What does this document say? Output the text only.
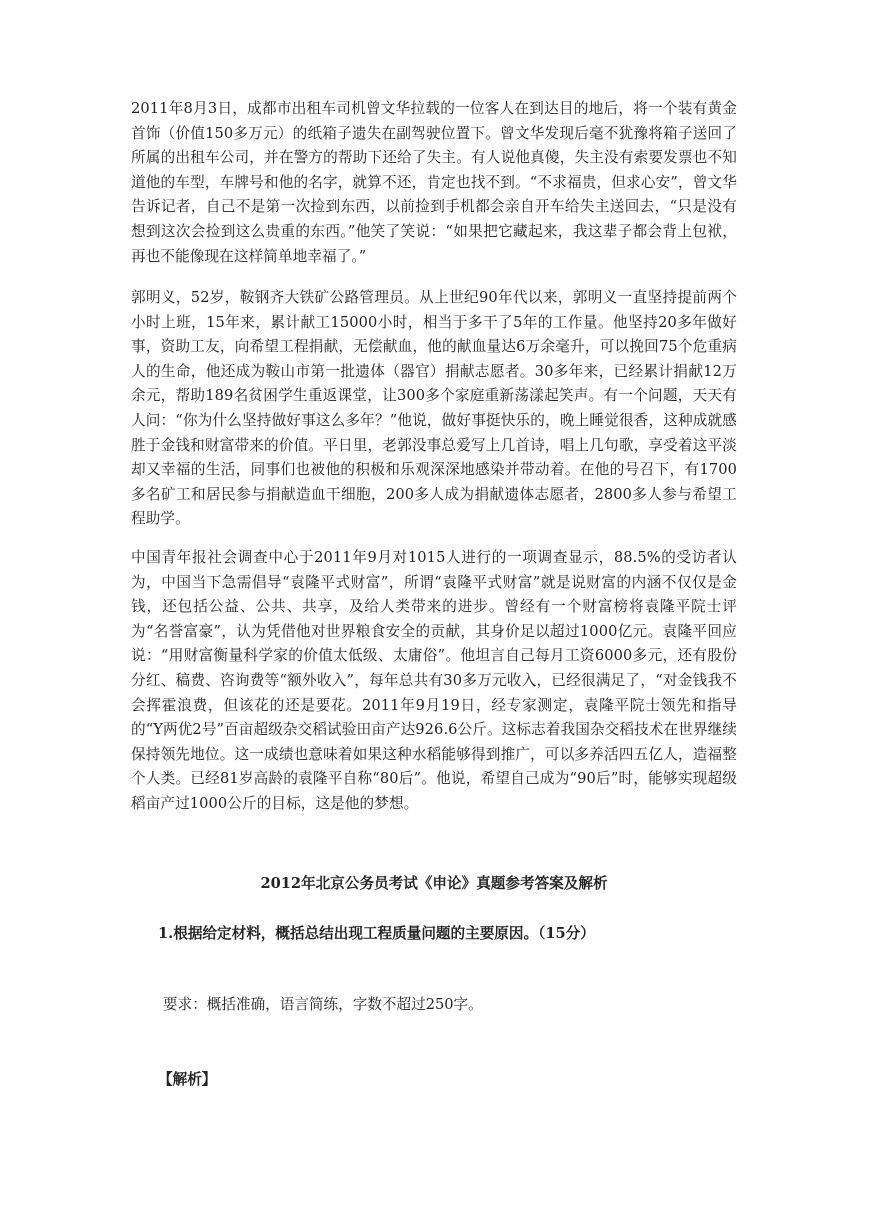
2011年8月3日，成都市出租车司机曾文华拉载的一位客人在到达目的地后，将一个装有黄金首饰（价值150多万元）的纸箱子遗失在副驾驶位置下。曾文华发现后毫不犹豫将箱子送回了所属的出租车公司，并在警方的帮助下还给了失主。有人说他真傻，失主没有索要发票也不知道他的车型，车牌号和他的名字，就算不还，肯定也找不到。“不求福贵，但求心安”，曾文华告诉记者，自己不是第一次捡到东西，以前捡到手机都会亲自开车给失主送回去，“只是没有想到这次会捡到这么贵重的东西。”他笑了笑说：“如果把它藏起来，我这辈子都会背上包袱，再也不能像现在这样简单地幸福了。”

郭明义，52岁，鞍钢齐大铁矿公路管理员。从上世纪90年代以来，郭明义一直坚持提前两个小时上班，15年来，累计献工15000小时，相当于多干了5年的工作量。他坚持20多年做好事，资助工友，向希望工程捐献，无偿献血，他的献血量达6万余毫升，可以挽回75个危重病人的生命，他还成为鞍山市第一批遗体（器官）捐献志愿者。30多年来，已经累计捐献12万余元，帮助189名贫困学生重返课堂，让300多个家庭重新荡漾起笑声。有一个问题，天天有人问：“你为什么坚持做好事这么多年？”他说，做好事挺快乐的，晚上睡觉很香，这种成就感胜于金钱和财富带来的价值。平日里，老郭没事总爱写上几首诗，唱上几句歌，享受着这平淡却又幸福的生活，同事们也被他的积极和乐观深深地感染并带动着。在他的号召下，有1700多名矿工和居民参与捐献造血干细胞，200多人成为捐献遗体志愿者，2800多人参与希望工程助学。

中国青年报社会调查中心于2011年9月对1015人进行的一项调查显示，88.5%的受访者认为，中国当下急需倡导“袁隆平式财富”，所谓“袁隆平式财富”就是说财富的内涵不仅仅是金钱，还包括公益、公共、共享，及给人类带来的进步。曾经有一个财富榜将袁隆平院士评为“名誉富豪”，认为凭借他对世界粮食安全的贡献，其身价足以超过1000亿元。袁隆平回应说：“用财富衡量科学家的价值太低级、太庸俗”。他坦言自己每月工资6000多元，还有股份分红、稿费、咨询费等“额外收入”，每年总共有30多万元收入，已经很满足了，“对金钱我不会挥霍浪费，但该花的还是要花。2011年9月19日，经专家测定，袁隆平院士领先和指导的“Y两优2号”百亩超级杂交稻试验田亩产达926.6公斤。这标志着我国杂交稻技术在世界继续保持领先地位。这一成绩也意味着如果这种水稻能够得到推广，可以多养活四五亿人，造福整个人类。已经81岁高龄的袁隆平自称“80后”。他说，希望自己成为“90后”时，能够实现超级稻亩产过1000公斤的目标，这是他的梦想。

2012年北京公务员考试《申论》真题参考答案及解析

1.根据给定材料，概括总结出现工程质量问题的主要原因。（15分）

要求：概括准确，语言简练，字数不超过250字。

【解析】
